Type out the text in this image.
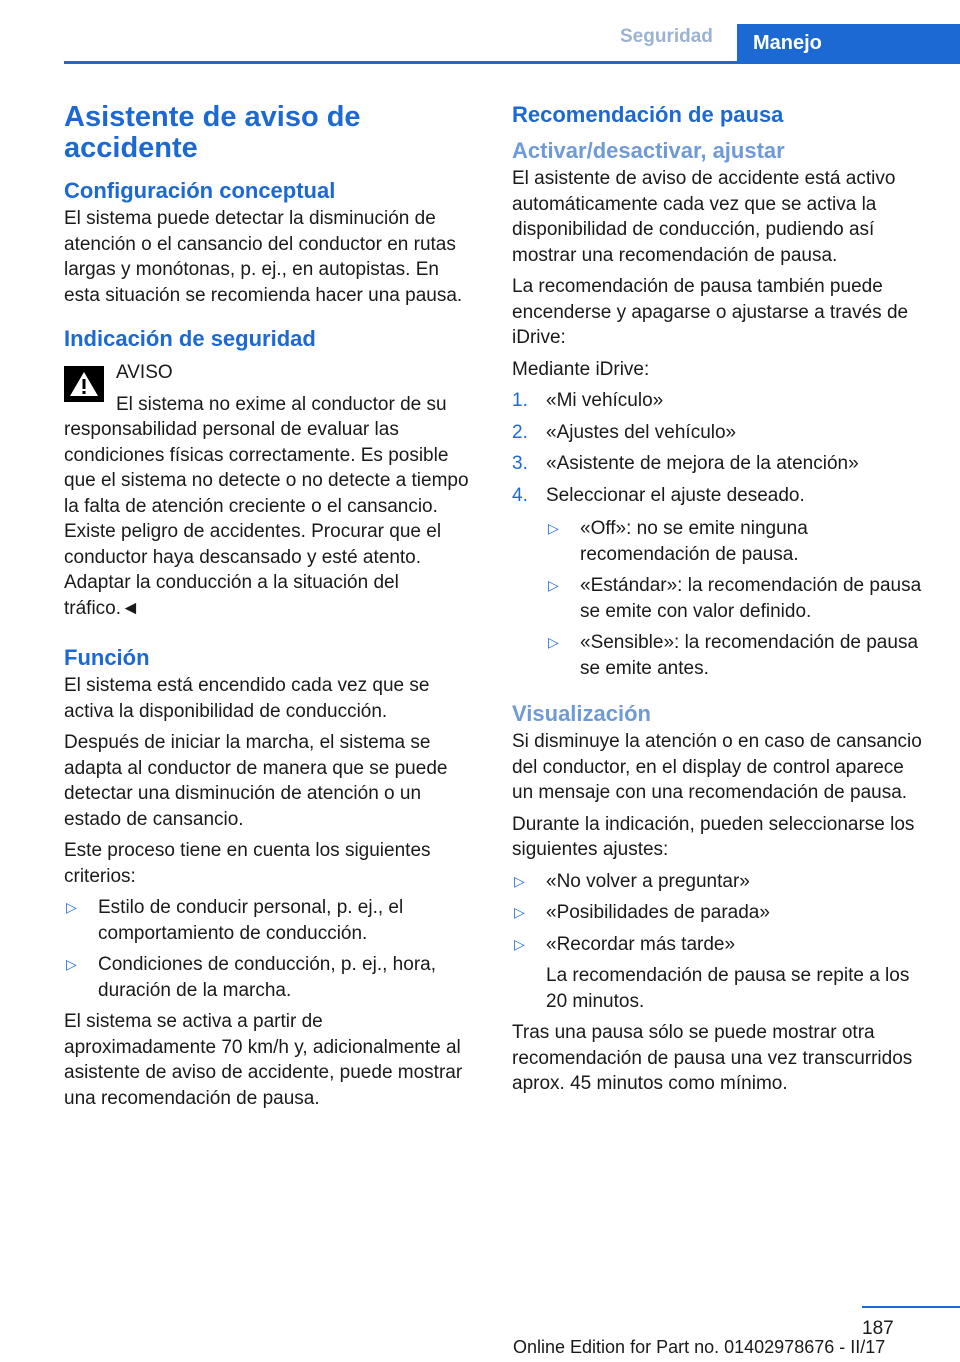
Seguridad	Manejo
Asistente de aviso de accidente
Configuración conceptual

El sistema puede detectar la disminución de atención o el cansancio del conductor en rutas largas y monótonas, p. ej., en autopistas. En esta situación se recomienda hacer una pausa.

Indicación de seguridad
AVISO
El sistema no exime al conductor de su
responsabilidad personal de evaluar las condiciones físicas correctamente. Es posible que el sistema no detecte o no detecte a tiempo la falta de atención creciente o el cansancio. Existe peligro de accidentes. Procurar que el conductor haya descansado y esté atento. Adaptar la conducción a la situación del tráfico.◄
Función

El sistema está encendido cada vez que se activa la disponibilidad de conducción.

Después de iniciar la marcha, el sistema se adapta al conductor de manera que se puede detectar una disminución de atención o un estado de cansancio.

Este proceso tiene en cuenta los siguientes criterios:

▷ Estilo de conducir personal, p. ej., el comportamiento de conducción.
▷ Condiciones de conducción, p. ej., hora, duración de la marcha.

El sistema se activa a partir de aproximadamente 70 km/h y, adicionalmente al asistente de aviso de accidente, puede mostrar una recomendación de pausa.

Recomendación de pausa
Activar/desactivar, ajustar

El asistente de aviso de accidente está activo automáticamente cada vez que se activa la disponibilidad de conducción, pudiendo así mostrar una recomendación de pausa.

La recomendación de pausa también puede encenderse y apagarse o ajustarse a través de iDrive:

Mediante iDrive:

1. «Mi vehículo»
2. «Ajustes del vehículo»
3. «Asistente de mejora de la atención»
4. Seleccionar el ajuste deseado.
▷ «Off»: no se emite ninguna recomendación de pausa.
▷ «Estándar»: la recomendación de pausa se emite con valor definido.
▷ «Sensible»: la recomendación de pausa se emite antes.
Visualización

Si disminuye la atención o en caso de cansancio del conductor, en el display de control aparece un mensaje con una recomendación de pausa.

Durante la indicación, pueden seleccionarse los siguientes ajustes:

▷ «No volver a preguntar»
▷ «Posibilidades de parada»
▷ «Recordar más tarde»
La recomendación de pausa se repite a los 20 minutos.

Tras una pausa sólo se puede mostrar otra recomendación de pausa una vez transcurridos aprox. 45 minutos como mínimo.

187
Online Edition for Part no. 01402978676 - II/17
